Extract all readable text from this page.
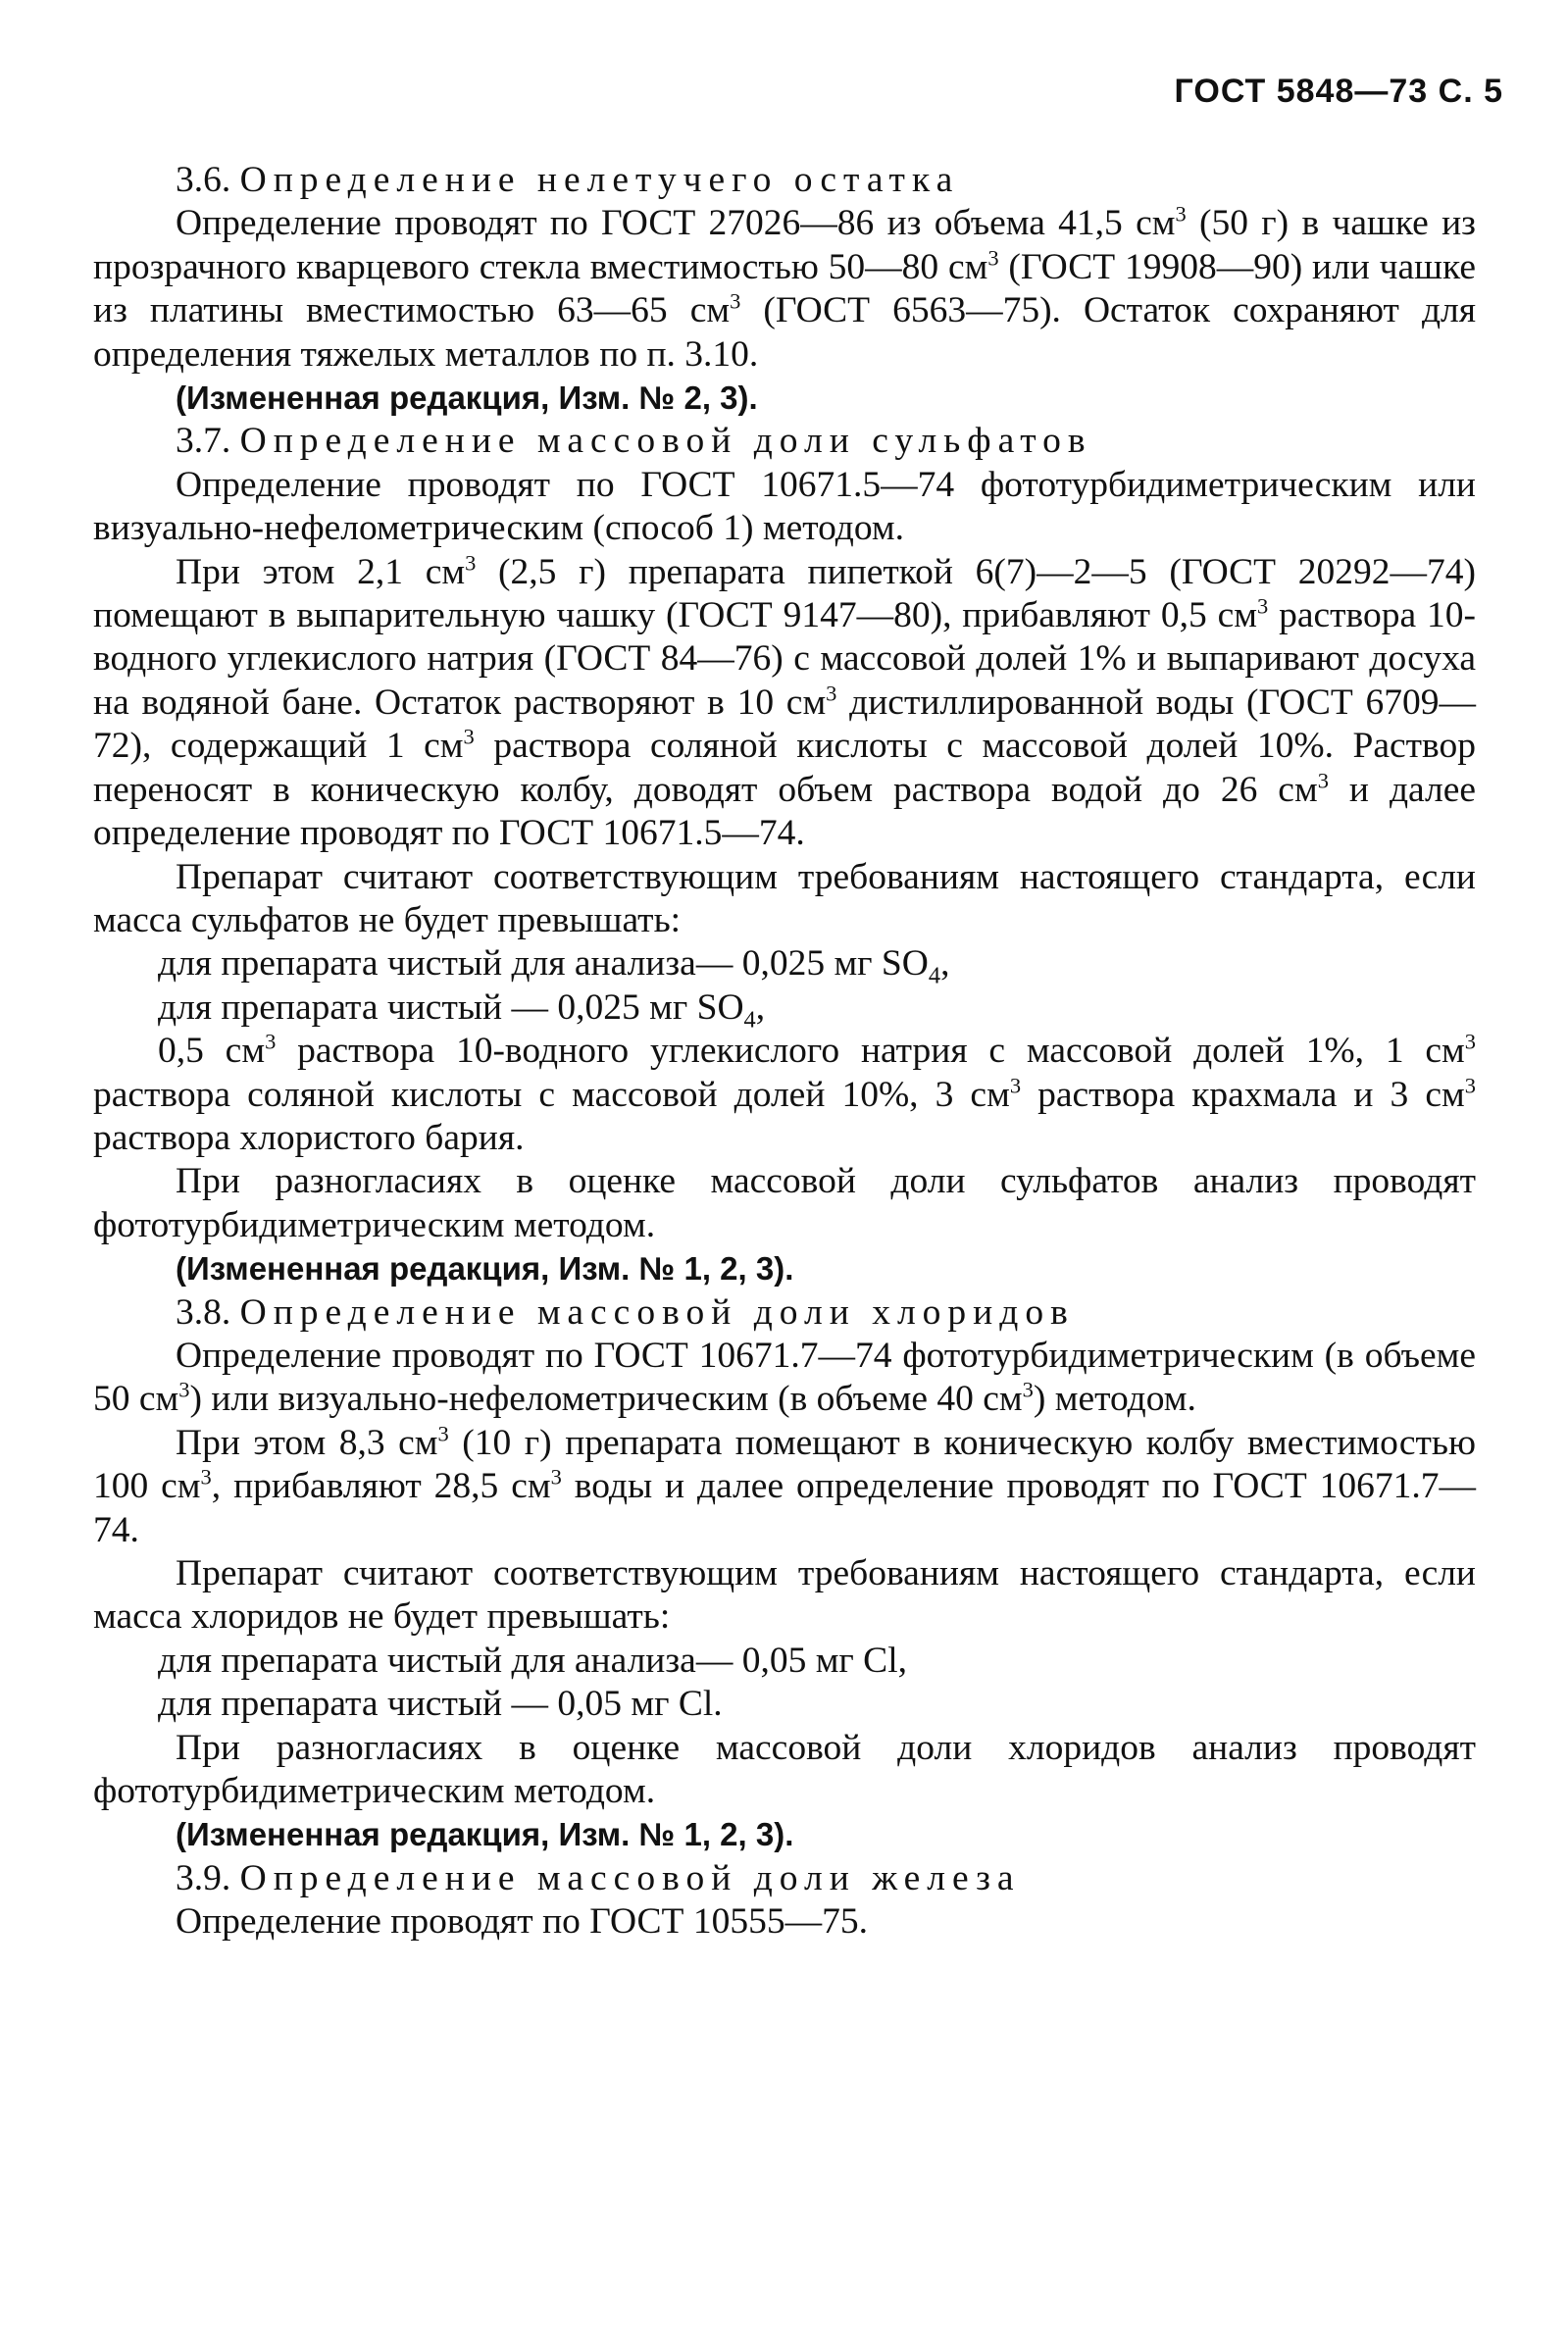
ГОСТ 5848—73 С. 5

3.6. Определение нелетучего остатка

Определение проводят по ГОСТ 27026—86 из объема 41,5 $см^3$ (50 г) в чашке из прозрачного кварцевого стекла вместимостью 50—80 $см^3$ (ГОСТ 19908—90) или чашке из платины вместимостью 63—65 $см^3$ (ГОСТ 6563—75). Остаток сохраняют для определения тяжелых металлов по п. 3.10.

(Измененная редакция, Изм. № 2, 3).

3.7. Определение массовой доли сульфатов

Определение проводят по ГОСТ 10671.5—74 фототурбидиметрическим или визуально-нефелометрическим (способ 1) методом.

При этом 2,1 $см^3$ (2,5 г) препарата пипеткой 6(7)—2—5 (ГОСТ 20292—74) помещают в выпарительную чашку (ГОСТ 9147—80), прибавляют 0,5 $см^3$ раствора 10-водного углекислого натрия (ГОСТ 84—76) с массовой долей 1% и выпаривают досуха на водяной бане. Остаток растворяют в 10 $см^3$ дистиллированной воды (ГОСТ 6709—72), содержащий 1 $см^3$ раствора соляной кислоты с массовой долей 10%. Раствор переносят в коническую колбу, доводят объем раствора водой до 26 $см^3$ и далее определение проводят по ГОСТ 10671.5—74.

Препарат считают соответствующим требованиям настоящего стандарта, если масса сульфатов не будет превышать:

для препарата чистый для анализа— 0,025 мг $SO_4$,

для препарата чистый — 0,025 мг $SO_4$,

0,5 $см^3$ раствора 10-водного углекислого натрия с массовой долей 1%, 1 $см^3$ раствора соляной кислоты с массовой долей 10%, 3 $см^3$ раствора крахмала и 3 $см^3$ раствора хлористого бария.

При разногласиях в оценке массовой доли сульфатов анализ проводят фототурбидиметрическим методом.

(Измененная редакция, Изм. № 1, 2, 3).

3.8. Определение массовой доли хлоридов

Определение проводят по ГОСТ 10671.7—74 фототурбидиметрическим (в объеме 50 $см^3$) или визуально-нефелометрическим (в объеме 40 $см^3$) методом.

При этом 8,3 $см^3$ (10 г) препарата помещают в коническую колбу вместимостью 100 $см^3$, прибавляют 28,5 $см^3$ воды и далее определение проводят по ГОСТ 10671.7—74.

Препарат считают соответствующим требованиям настоящего стандарта, если масса хлоридов не будет превышать:

для препарата чистый для анализа— 0,05 мг Cl,

для препарата чистый — 0,05 мг Cl.

При разногласиях в оценке массовой доли хлоридов анализ проводят фототурбидиметрическим методом.

(Измененная редакция, Изм. № 1, 2, 3).

3.9. Определение массовой доли железа

Определение проводят по ГОСТ 10555—75.
